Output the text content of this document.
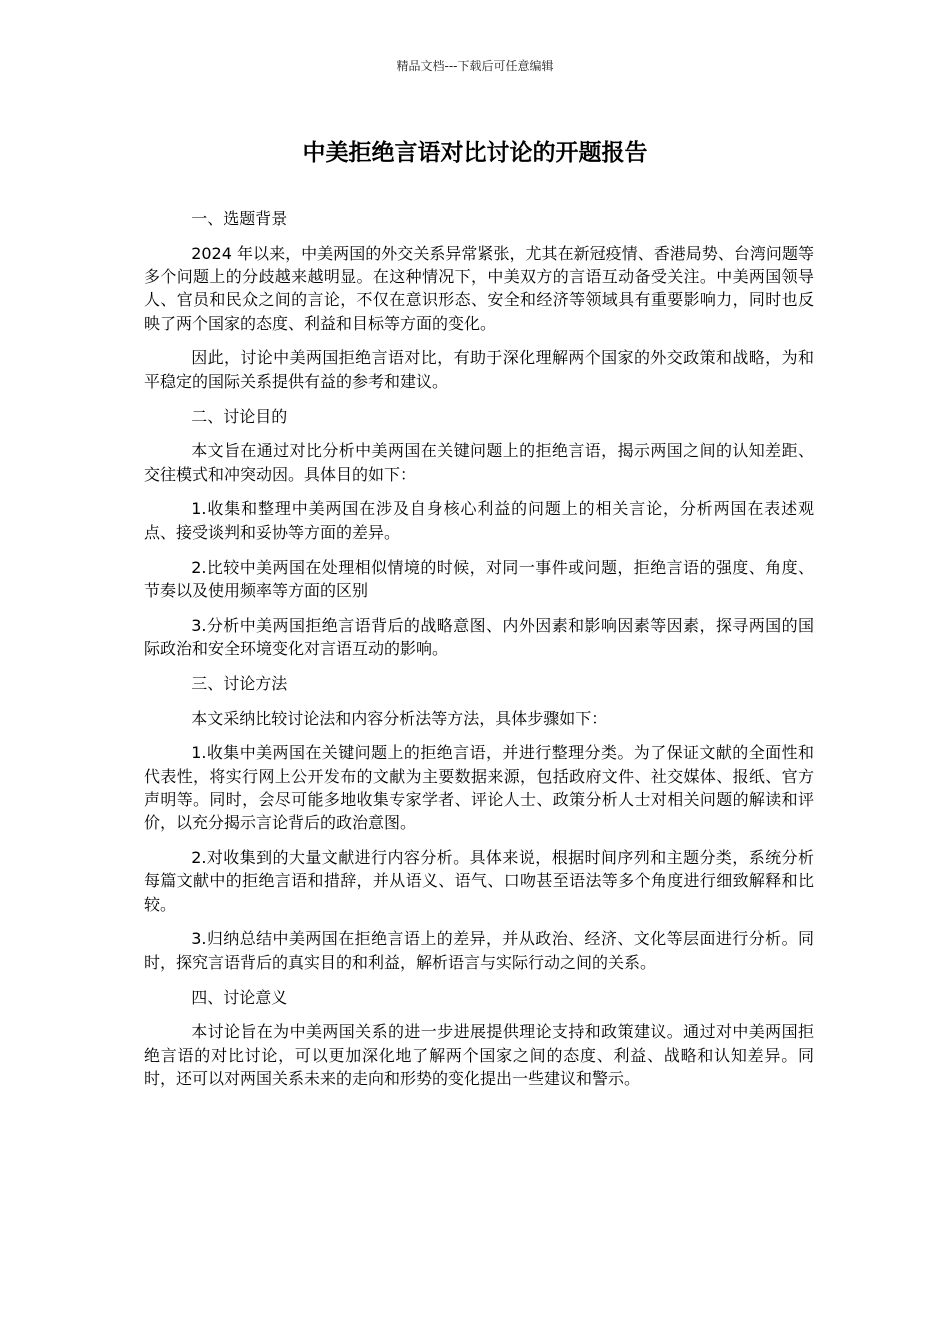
精品文档---下载后可任意编辑
中美拒绝言语对比讨论的开题报告

一、选题背景

2024 年以来，中美两国的外交关系异常紧张，尤其在新冠疫情、香港局势、台湾问题等多个问题上的分歧越来越明显。在这种情况下，中美双方的言语互动备受关注。中美两国领导人、官员和民众之间的言论，不仅在意识形态、安全和经济等领域具有重要影响力，同时也反映了两个国家的态度、利益和目标等方面的变化。

因此，讨论中美两国拒绝言语对比，有助于深化理解两个国家的外交政策和战略，为和平稳定的国际关系提供有益的参考和建议。

二、讨论目的

本文旨在通过对比分析中美两国在关键问题上的拒绝言语，揭示两国之间的认知差距、交往模式和冲突动因。具体目的如下：

1.收集和整理中美两国在涉及自身核心利益的问题上的相关言论，分析两国在表述观点、接受谈判和妥协等方面的差异。

2.比较中美两国在处理相似情境的时候，对同一事件或问题，拒绝言语的强度、角度、节奏以及使用频率等方面的区别

3.分析中美两国拒绝言语背后的战略意图、内外因素和影响因素等因素，探寻两国的国际政治和安全环境变化对言语互动的影响。

三、讨论方法

本文采纳比较讨论法和内容分析法等方法，具体步骤如下：

1.收集中美两国在关键问题上的拒绝言语，并进行整理分类。为了保证文献的全面性和代表性，将实行网上公开发布的文献为主要数据来源，包括政府文件、社交媒体、报纸、官方声明等。同时，会尽可能多地收集专家学者、评论人士、政策分析人士对相关问题的解读和评价，以充分揭示言论背后的政治意图。

2.对收集到的大量文献进行内容分析。具体来说，根据时间序列和主题分类，系统分析每篇文献中的拒绝言语和措辞，并从语义、语气、口吻甚至语法等多个角度进行细致解释和比较。

3.归纳总结中美两国在拒绝言语上的差异，并从政治、经济、文化等层面进行分析。同时，探究言语背后的真实目的和利益，解析语言与实际行动之间的关系。

四、讨论意义

本讨论旨在为中美两国关系的进一步进展提供理论支持和政策建议。通过对中美两国拒绝言语的对比讨论，可以更加深化地了解两个国家之间的态度、利益、战略和认知差异。同时，还可以对两国关系未来的走向和形势的变化提出一些建议和警示。
